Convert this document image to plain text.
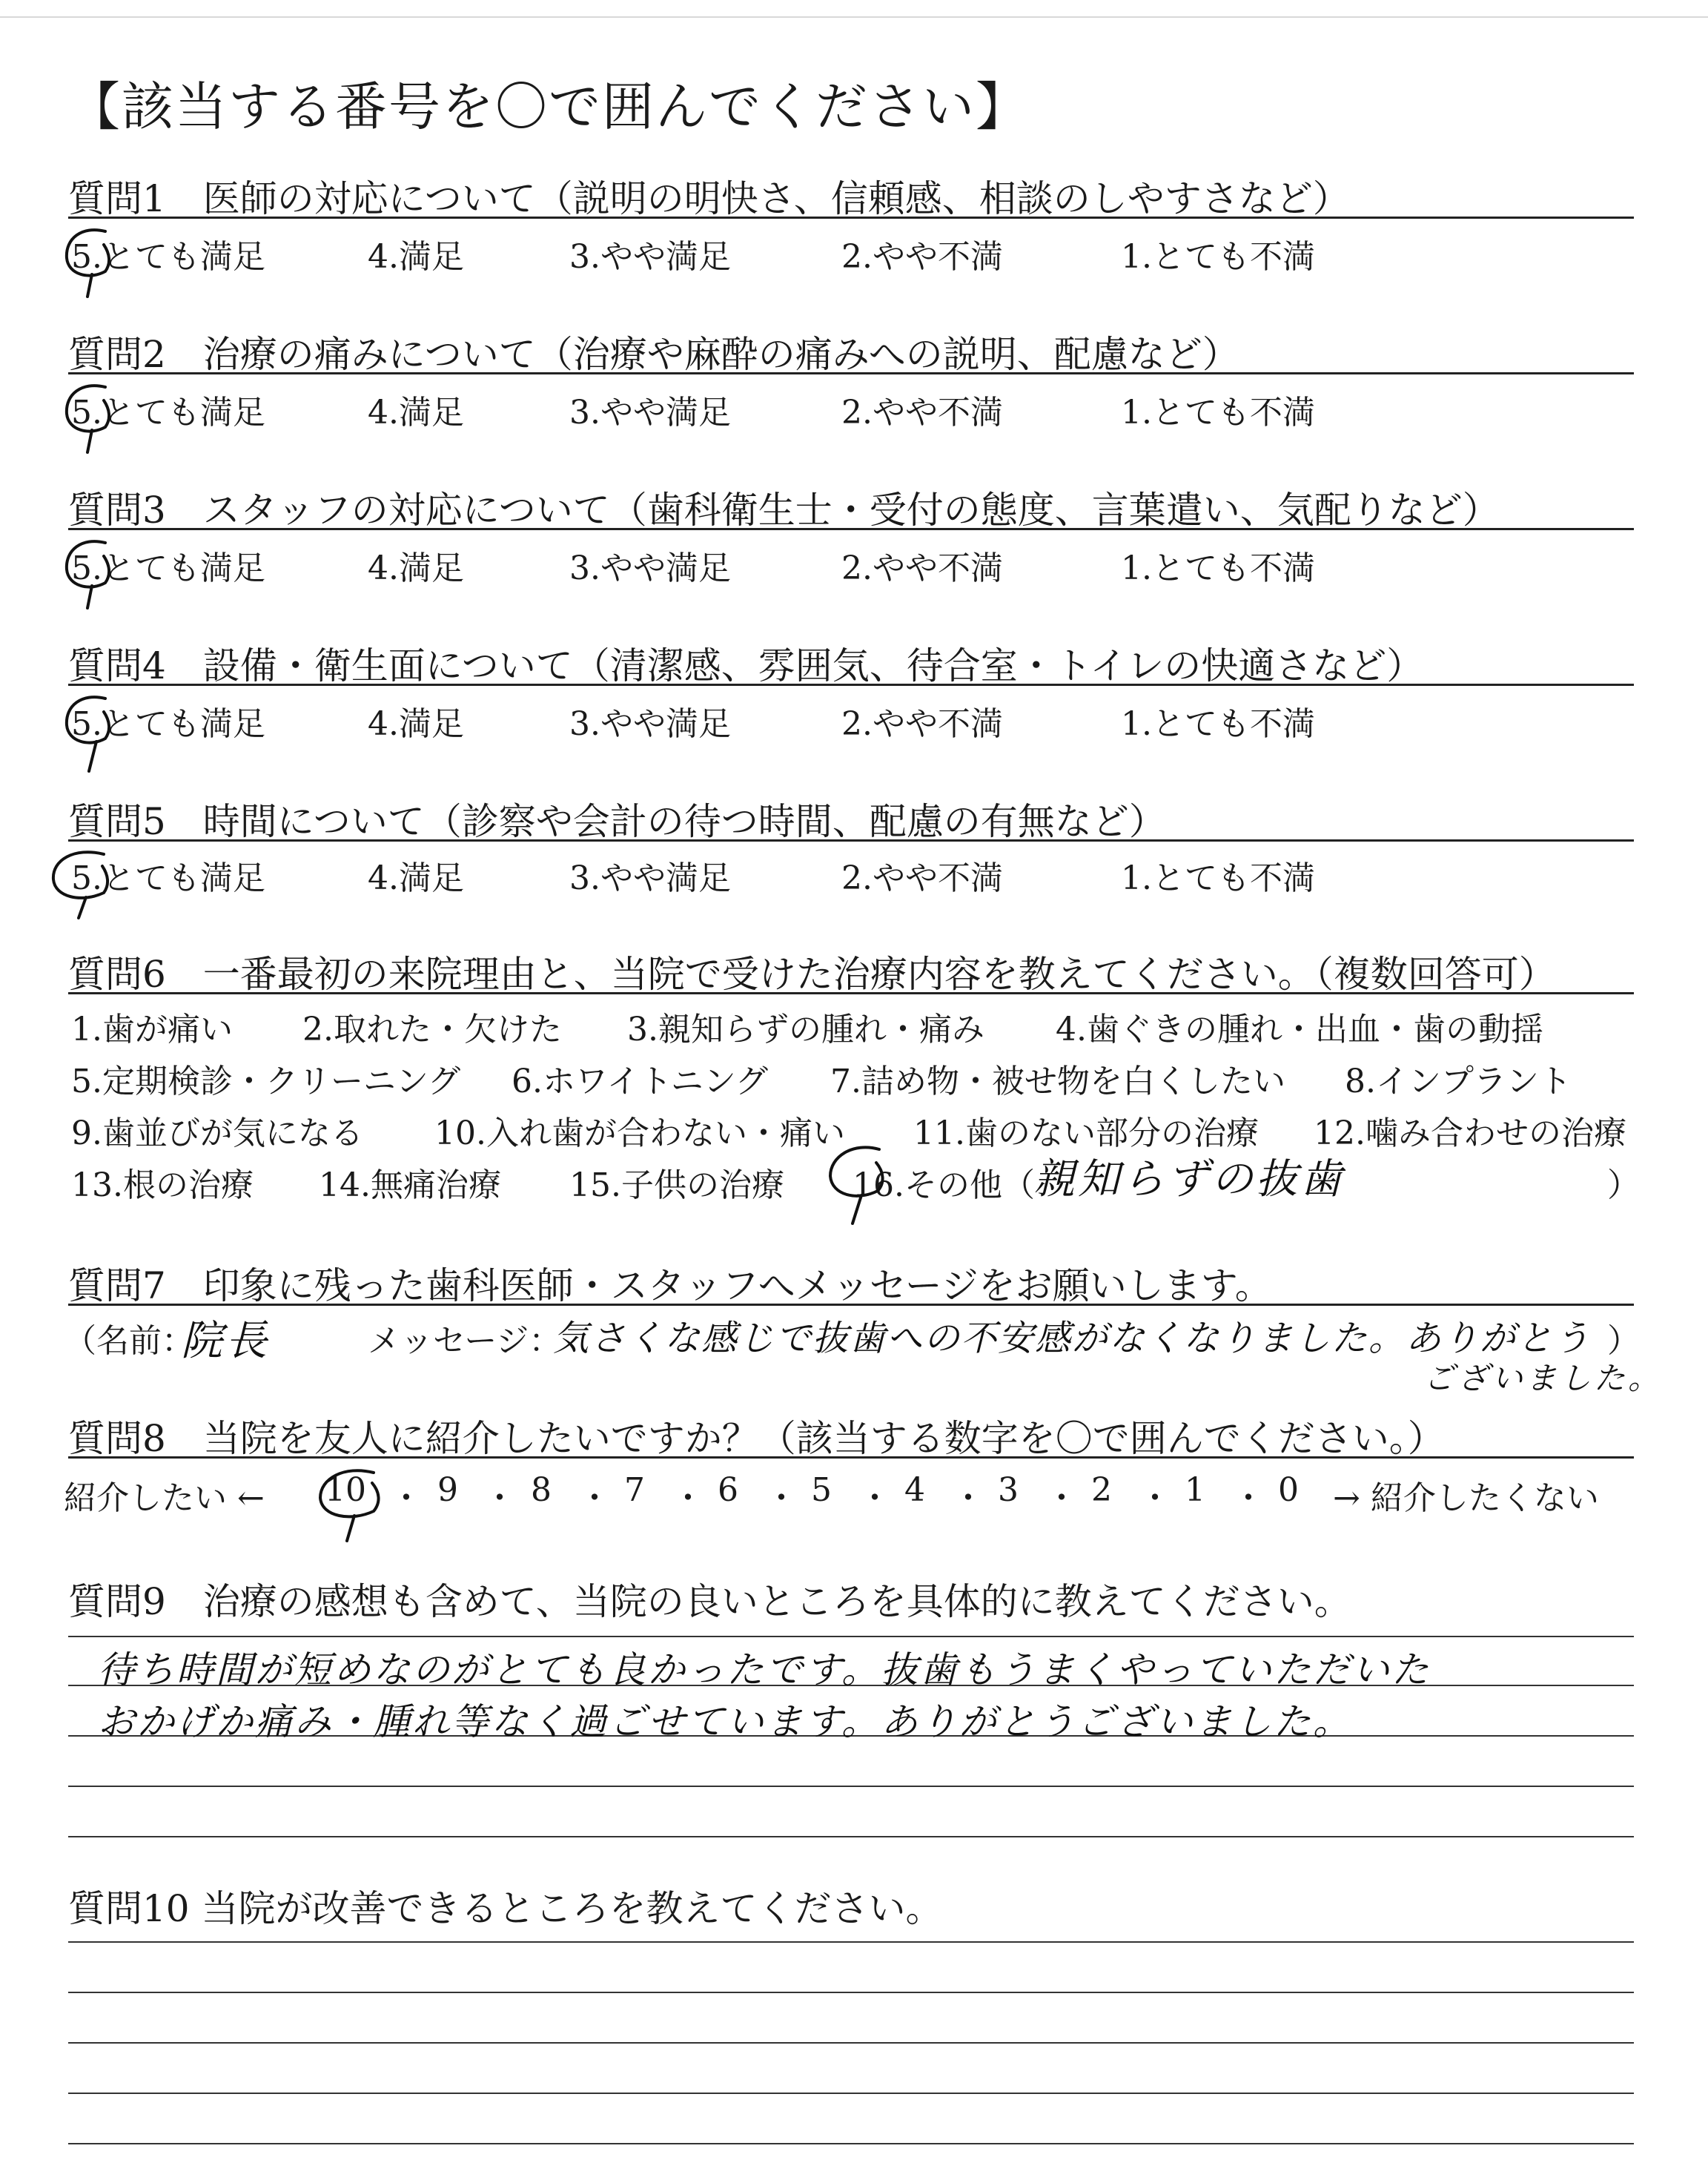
【該当する番号を〇で囲んでください】
質問1　医師の対応について（説明の明快さ、信頼感、相談のしやすさなど）
5.とても満足	4.満足	3.やや満足	2.やや不満	1.とても不満
質問2　治療の痛みについて（治療や麻酔の痛みへの説明、配慮など）
5.とても満足	4.満足	3.やや満足	2.やや不満	1.とても不満
質問3　スタッフの対応について（歯科衛生士・受付の態度、言葉遣い、気配りなど）
5.とても満足	4.満足	3.やや満足	2.やや不満	1.とても不満
質問4　設備・衛生面について（清潔感、雰囲気、待合室・トイレの快適さなど）
5.とても満足	4.満足	3.やや満足	2.やや不満	1.とても不満
質問5　時間について（診察や会計の待つ時間、配慮の有無など）
5.とても満足	4.満足	3.やや満足	2.やや不満	1.とても不満
質問6　一番最初の来院理由と、当院で受けた治療内容を教えてください。（複数回答可）
1.歯が痛い 2.取れた・欠けた 3.親知らずの腫れ・痛み 4.歯ぐきの腫れ・出血・歯の動揺
5.定期検診・クリーニング 6.ホワイトニング 7.詰め物・被せ物を白くしたい 8.インプラント
9.歯並びが気になる 10.入れ歯が合わない・痛い 11.歯のない部分の治療 12.噛み合わせの治療
13.根の治療 14.無痛治療 15.子供の治療 16.その他（
親知らずの抜歯	）
質問7　印象に残った歯科医師・スタッフへメッセージをお願いします。
（名前：
院長	メッセージ：
気さくな感じで抜歯への不安感がなくなりました。ありがとう
ございました。
）
質問8　当院を友人に紹介したいですか？（該当する数字を〇で囲んでください。）
紹介したい ← 10 ・ 9 ・ 8 ・ 7 ・ 6 ・ 5 ・ 4 ・ 3 ・ 2 ・ 1 ・ 0 → 紹介したくない
質問9　治療の感想も含めて、当院の良いところを具体的に教えてください。
待ち時間が短めなのがとても良かったです。抜歯もうまくやっていただいた
おかげか痛み・腫れ等なく過ごせています。ありがとうございました。
質問10 当院が改善できるところを教えてください。
